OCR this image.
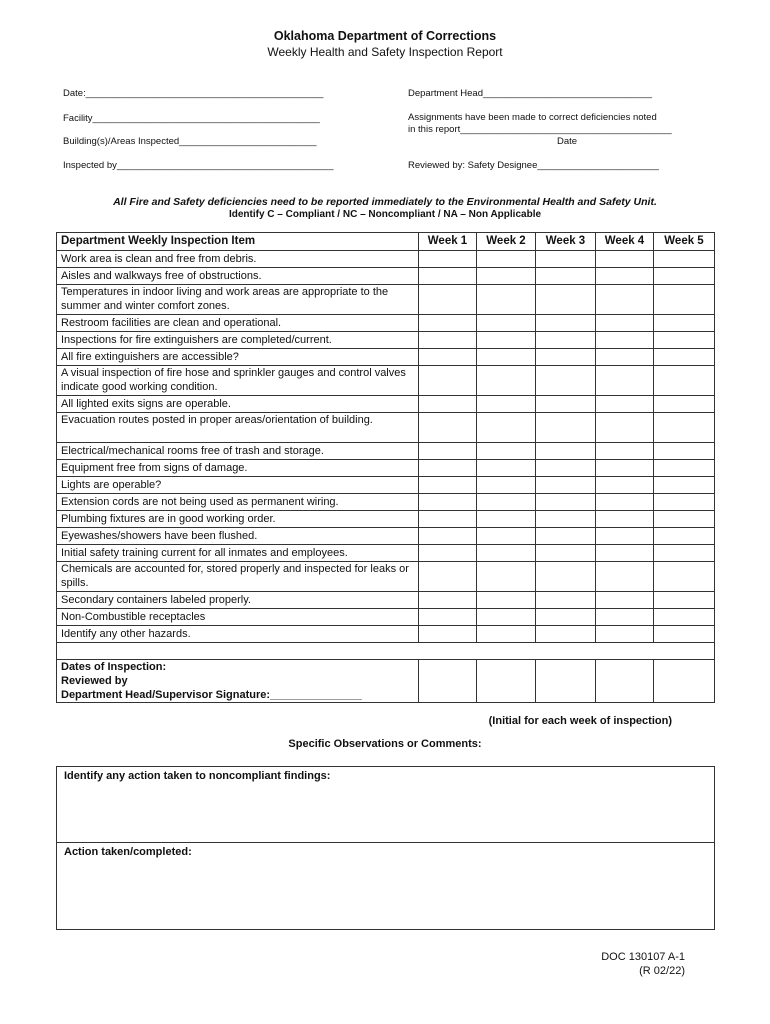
Oklahoma Department of Corrections
Weekly Health and Safety Inspection Report
Date:_____________________________________________
Facility___________________________________________
Building(s)/Areas Inspected__________________________
Inspected by_________________________________________
Department Head________________________________
Assignments have been made to correct deficiencies noted
in this report________________________________________
Date
Reviewed by: Safety Designee_______________________
All Fire and Safety deficiencies need to be reported immediately to the Environmental Health and Safety Unit.
Identify C – Compliant / NC – Noncompliant / NA – Non Applicable
Department Weekly Inspection Item	Week 1	Week 2	Week 3	Week 4	Week 5
Work area is clean and free from debris.					
Aisles and walkways free of obstructions.					
Temperatures in indoor living and work areas are appropriate to the summer and winter comfort zones.					
Restroom facilities are clean and operational.					
Inspections for fire extinguishers are completed/current.					
All fire extinguishers are accessible?					
A visual inspection of fire hose and sprinkler gauges and control valves indicate good working condition.					
All lighted exits signs are operable.					
Evacuation routes posted in proper areas/orientation of building.					
Electrical/mechanical rooms free of trash and storage.					
Equipment free from signs of damage.					
Lights are operable?					
Extension cords are not being used as permanent wiring.					
Plumbing fixtures are in good working order.					
Eyewashes/showers have been flushed.					
Initial safety training current for all inmates and employees.					
Chemicals are accounted for, stored properly and inspected for leaks or spills.					
Secondary containers labeled properly.					
Non-Combustible receptacles					
Identify any other hazards.					

Dates of Inspection:
Reviewed by
Department Head/Supervisor Signature:_______________					

(Initial for each week of inspection)
Specific Observations or Comments:
Identify any action taken to noncompliant findings:
Action taken/completed:
DOC 130107 A-1
(R 02/22)
